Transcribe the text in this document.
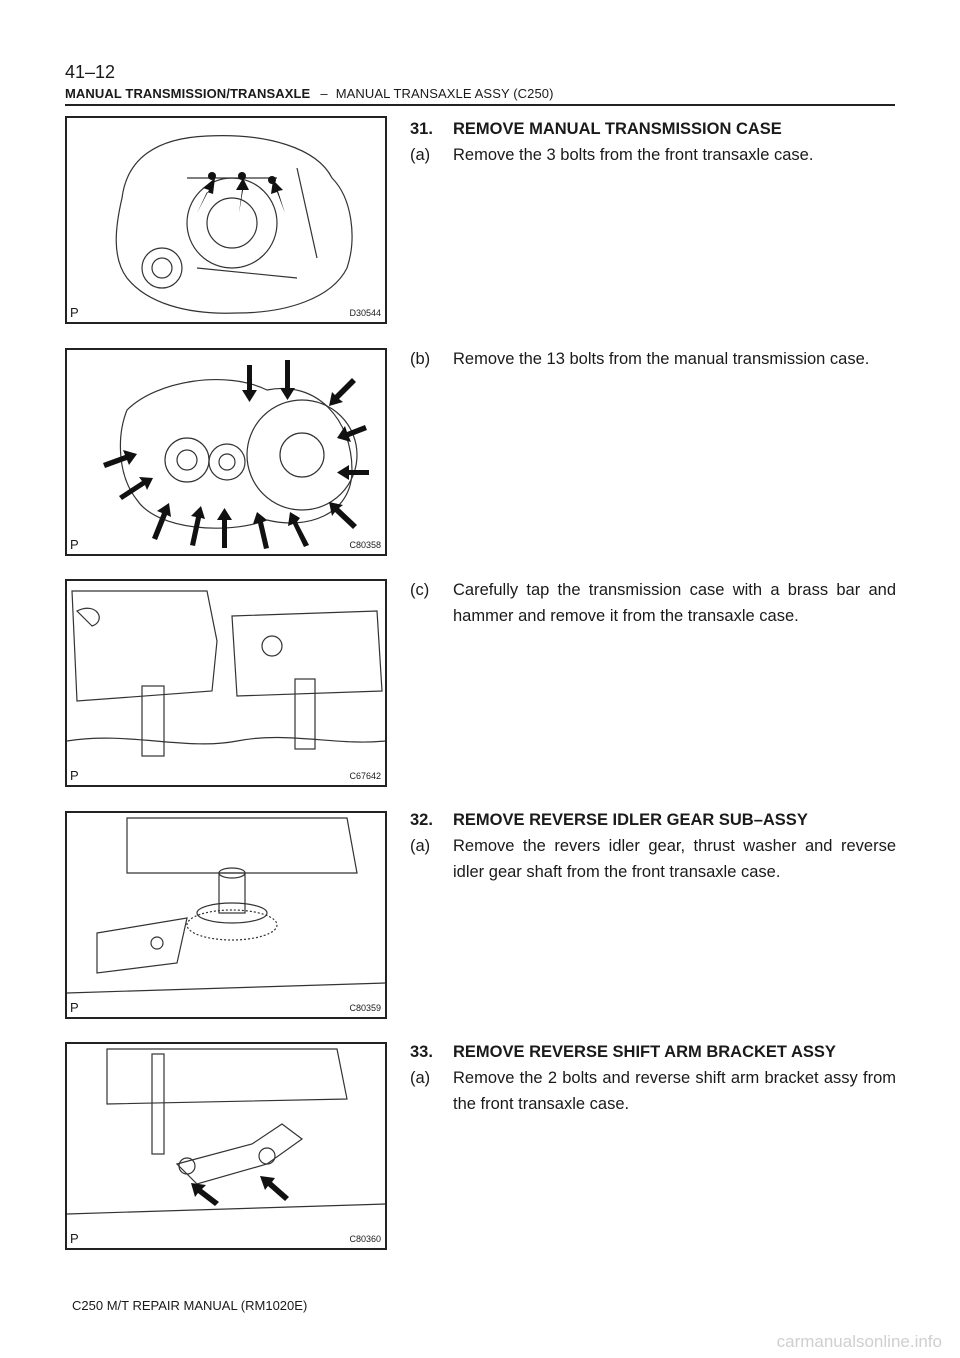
41–12
MANUAL TRANSMISSION/TRANSAXLE – MANUAL TRANSAXLE ASSY (C250)
P	D30544
P	C80358
P	C67642
P	C80359
P	C80360
31.	REMOVE MANUAL TRANSMISSION CASE
(a)	Remove the 3 bolts from the front transaxle case.
(b)	Remove the 13 bolts from the manual transmission case.
(c)	Carefully tap the transmission case with a brass bar and hammer and remove it from the transaxle case.
32.	REMOVE REVERSE IDLER GEAR SUB–ASSY
(a)	Remove the revers idler gear, thrust washer and reverse idler gear shaft from the front transaxle case.
33.	REMOVE REVERSE SHIFT ARM BRACKET ASSY
(a)	Remove the 2 bolts and reverse shift arm bracket assy from the front transaxle case.
C250 M/T REPAIR MANUAL (RM1020E)
carmanualsonline.info
